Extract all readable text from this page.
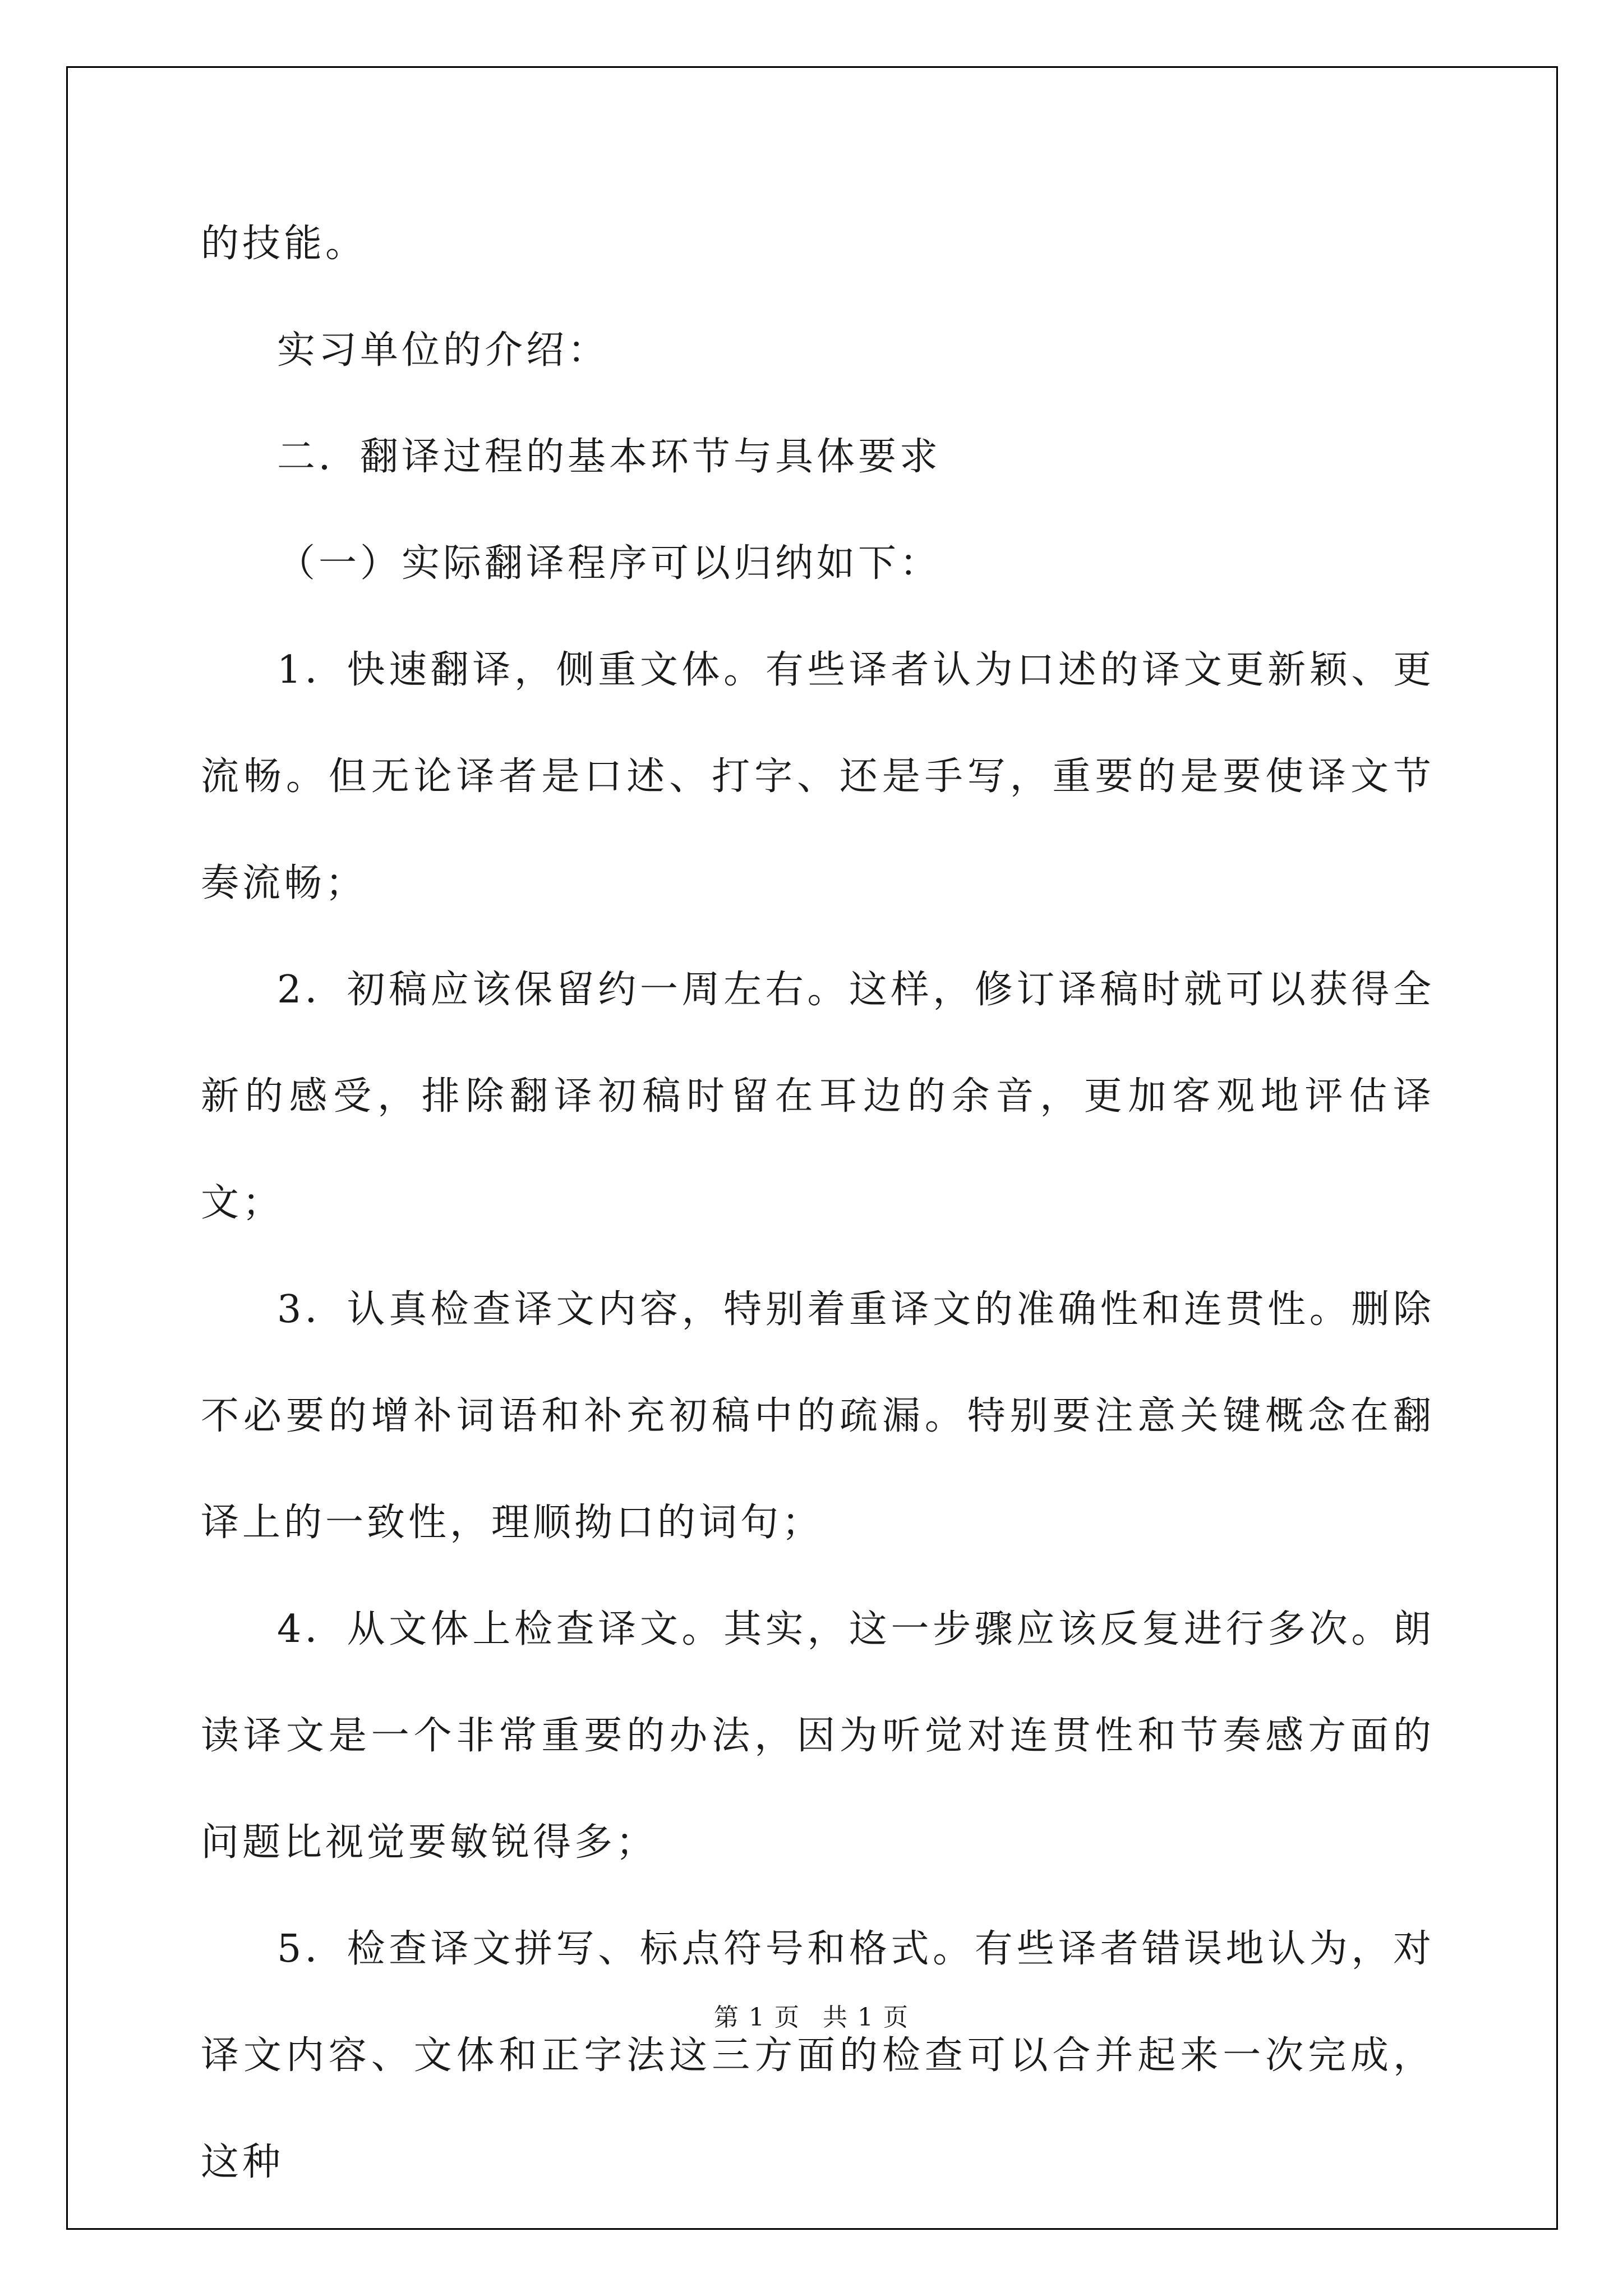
的技能。

实习单位的介绍：

二．翻译过程的基本环节与具体要求

（一）实际翻译程序可以归纳如下：

1．快速翻译，侧重文体。有些译者认为口述的译文更新颖、更流畅。但无论译者是口述、打字、还是手写，重要的是要使译文节奏流畅；

2．初稿应该保留约一周左右。这样，修订译稿时就可以获得全新的感受，排除翻译初稿时留在耳边的余音，更加客观地评估译文；

3．认真检查译文内容，特别着重译文的准确性和连贯性。删除不必要的增补词语和补充初稿中的疏漏。特别要注意关键概念在翻译上的一致性，理顺拗口的词句；

4．从文体上检查译文。其实，这一步骤应该反复进行多次。朗读译文是一个非常重要的办法，因为听觉对连贯性和节奏感方面的问题比视觉要敏锐得多；

5．检查译文拼写、标点符号和格式。有些译者错误地认为，对译文内容、文体和正字法这三方面的检查可以合并起来一次完成，这种

第 1 页 共 1 页
